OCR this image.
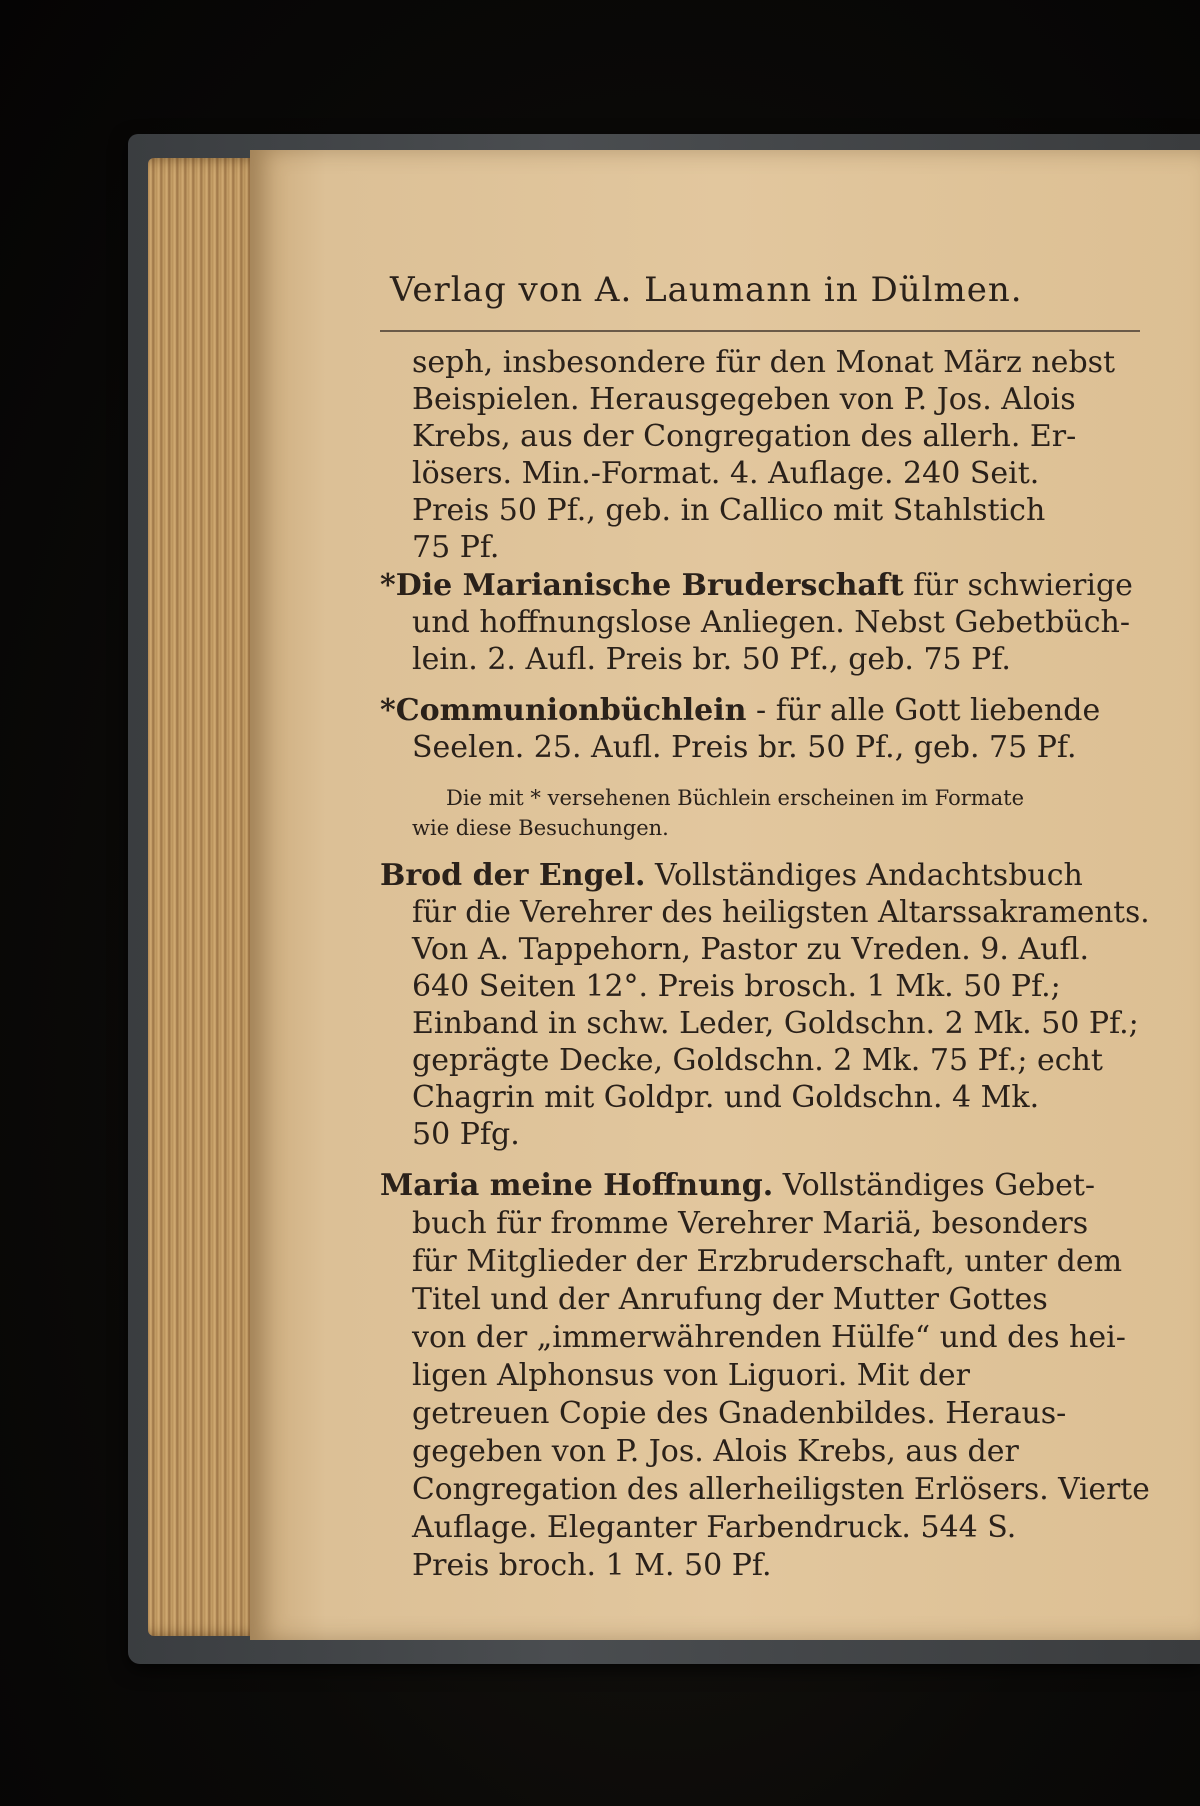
Verlag von A. Laumann in Dülmen.
seph, insbesondere für den Monat März nebst
Beispielen. Herausgegeben von P. Jos. Alois
Krebs, aus der Congregation des allerh. Er-
lösers. Min.-Format. 4. Auflage. 240 Seit.
Preis 50 Pf., geb. in Callico mit Stahlstich
75 Pf.
*Die Marianische Bruderschaft für schwierige
und hoffnungslose Anliegen. Nebst Gebetbüch-
lein. 2. Aufl. Preis br. 50 Pf., geb. 75 Pf.
*Communionbüchlein - für alle Gott liebende
Seelen. 25. Aufl. Preis br. 50 Pf., geb. 75 Pf.
Die mit * versehenen Büchlein erscheinen im Formate
wie diese Besuchungen.
Brod der Engel. Vollständiges Andachtsbuch
für die Verehrer des heiligsten Altarssakraments.
Von A. Tappehorn, Pastor zu Vreden. 9. Aufl.
640 Seiten 12°. Preis brosch. 1 Mk. 50 Pf.;
Einband in schw. Leder, Goldschn. 2 Mk. 50 Pf.;
geprägte Decke, Goldschn. 2 Mk. 75 Pf.; echt
Chagrin mit Goldpr. und Goldschn. 4 Mk.
50 Pfg.
Maria meine Hoffnung. Vollständiges Gebet-
buch für fromme Verehrer Mariä, besonders
für Mitglieder der Erzbruderschaft, unter dem
Titel und der Anrufung der Mutter Gottes
von der „immerwährenden Hülfe“ und des hei-
ligen Alphonsus von Liguori. Mit der
getreuen Copie des Gnadenbildes. Heraus-
gegeben von P. Jos. Alois Krebs, aus der
Congregation des allerheiligsten Erlösers. Vierte
Auflage. Eleganter Farbendruck. 544 S.
Preis broch. 1 M. 50 Pf.
